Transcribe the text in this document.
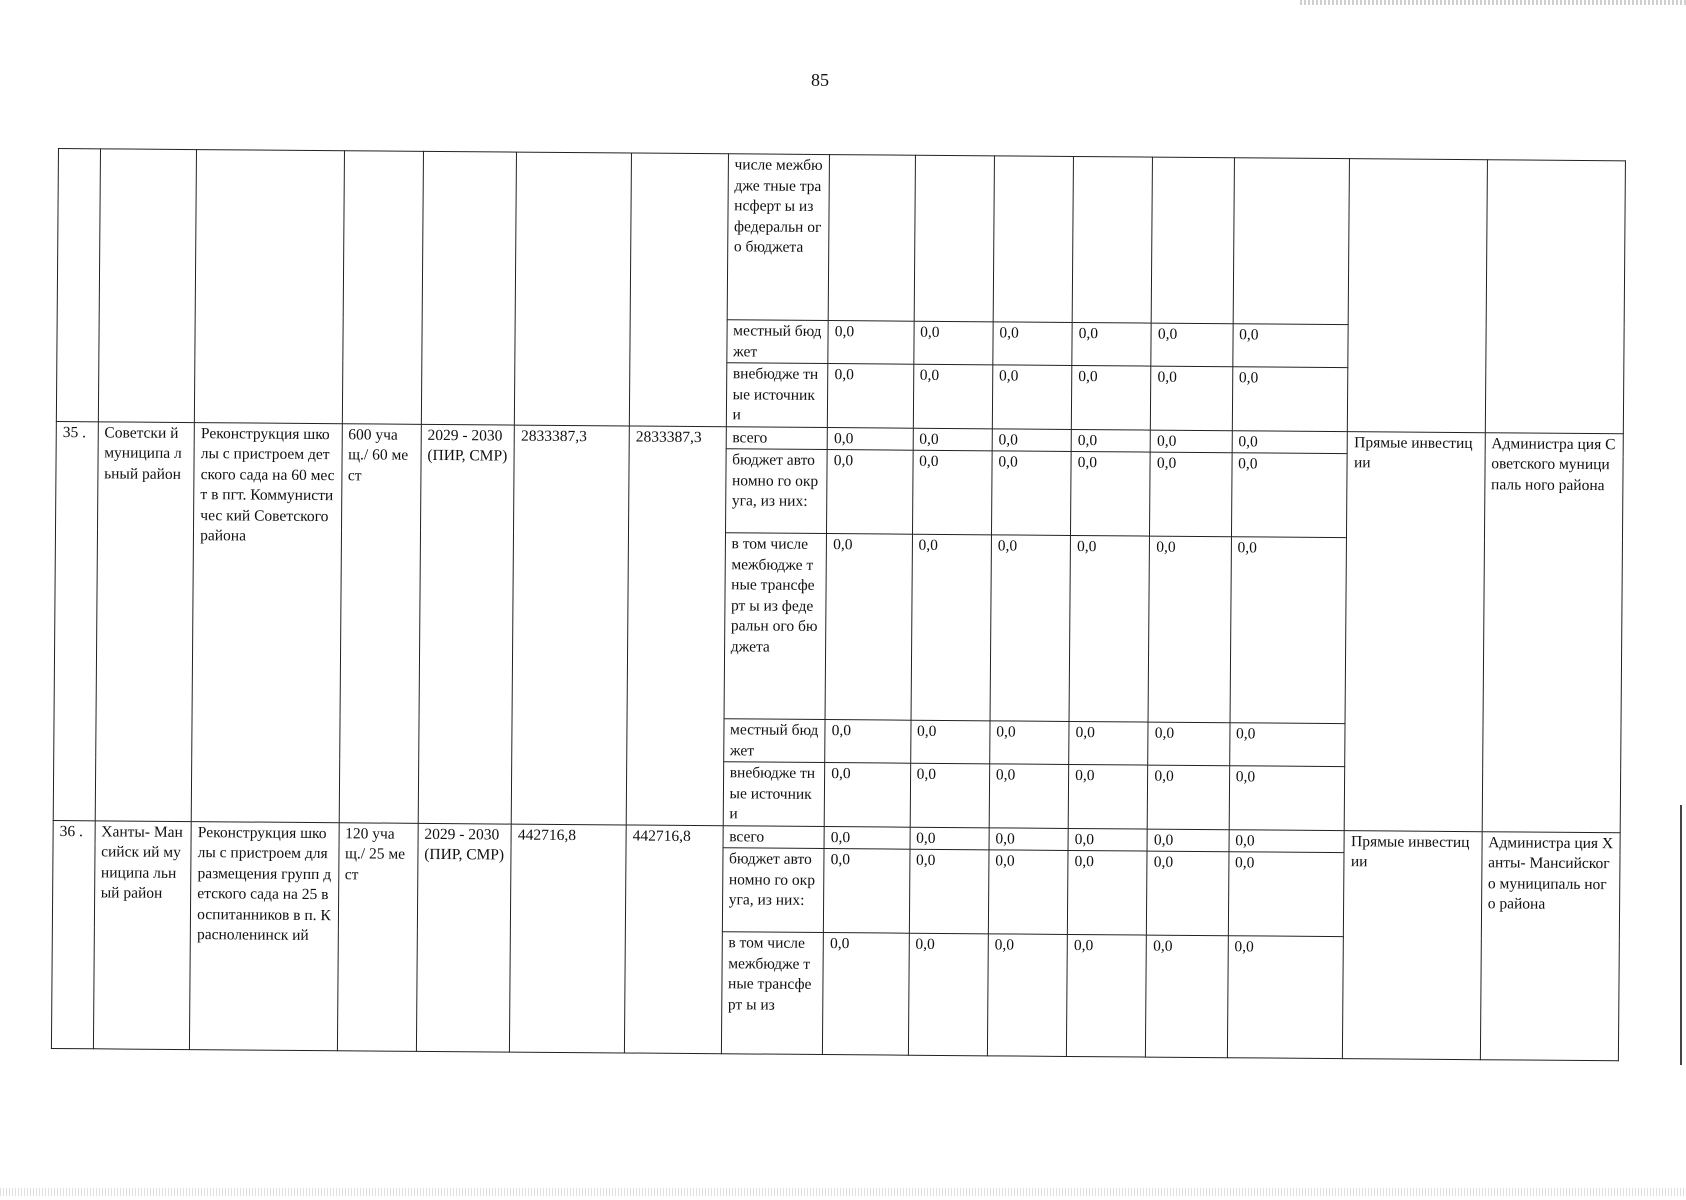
85
							числе межбюдже тные трансферт ы из федеральн ого бюджета								
							местный бюджет	0,0	0,0	0,0	0,0	0,0	0,0		
							внебюдже тные источники	0,0	0,0	0,0	0,0	0,0	0,0		
35 .	Советски й муниципа льный район	Реконструкция школы с пристроем детского сада на 60 мест в пгт. Коммунистичес кий Советского района	600 учащ./ 60 мест	2029 - 2030 (ПИР, СМР)	2833387,3	2833387,3	всего	0,0	0,0	0,0	0,0	0,0	0,0	Прямые инвестиции	Администра ция Советского муниципаль ного района
							бюджет автономно го округа, из них:	0,0	0,0	0,0	0,0	0,0	0,0		
							в том числе межбюдже тные трансферт ы из федеральн ого бюджета	0,0	0,0	0,0	0,0	0,0	0,0		
							местный бюджет	0,0	0,0	0,0	0,0	0,0	0,0		
							внебюдже тные источники	0,0	0,0	0,0	0,0	0,0	0,0		
36 .	Ханты- Мансийск ий муниципа льный район	Реконструкция школы с пристроем для размещения групп детского сада на 25 воспитанников в п. Красноленинск ий	120 учащ./ 25 мест	2029 - 2030 (ПИР, СМР)	442716,8	442716,8	всего	0,0	0,0	0,0	0,0	0,0	0,0	Прямые инвестиции	Администра ция Ханты- Мансийского муниципаль ного района
							бюджет автономно го округа, из них:	0,0	0,0	0,0	0,0	0,0	0,0		
							в том числе межбюдже тные трансферт ы из	0,0	0,0	0,0	0,0	0,0	0,0		
